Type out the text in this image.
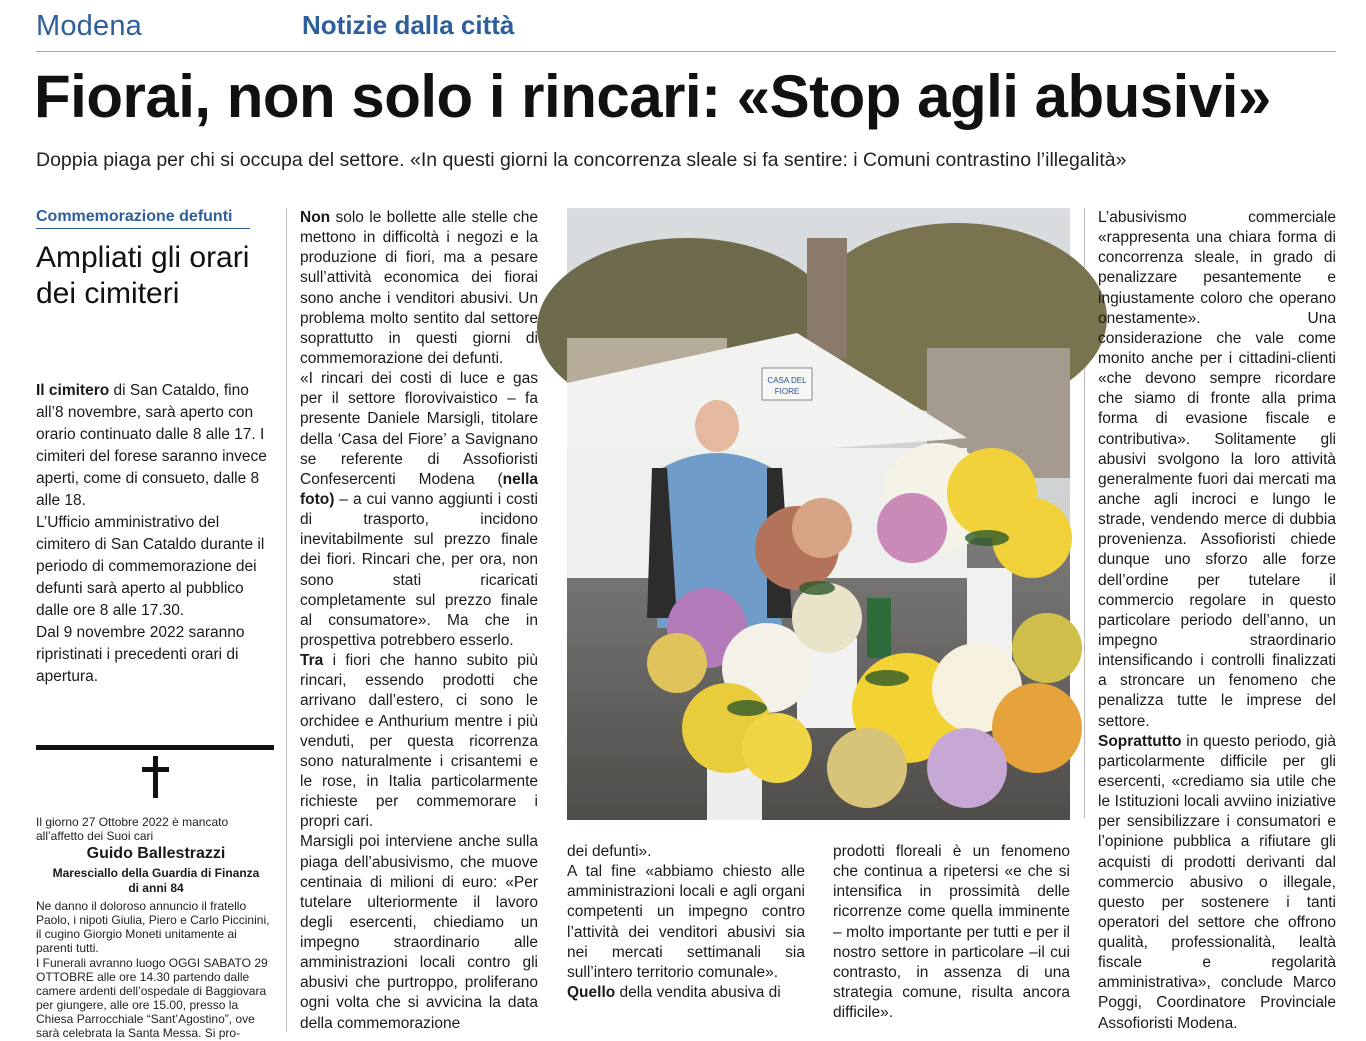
Modena	Notizie dalla città
Fiorai, non solo i rincari: «Stop agli abusivi»
Doppia piaga per chi si occupa del settore. «In questi giorni la concorrenza sleale si fa sentire: i Comuni contrastino l’illegalità»
Commemorazione defunti
Ampliati gli orari dei cimiteri

Il cimitero di San Cataldo, fino all’8 novembre, sarà aperto con orario continuato dalle 8 alle 17. I cimiteri del forese saranno invece aperti, come di consueto, dalle 8 alle 18.

L’Ufficio amministrativo del cimitero di San Cataldo durante il periodo di commemorazione dei defunti sarà aperto al pubblico dalle ore 8 alle 17.30.

Dal 9 novembre 2022 saranno ripristinati i precedenti orari di apertura.

Il giorno 27 Ottobre 2022 è mancato all’affetto dei Suoi cari
Guido Ballestrazzi
Maresciallo della Guardia di Finanza
di anni 84

Ne danno il doloroso annuncio il fratello Paolo, i nipoti Giulia, Piero e Carlo Piccinini, il cugino Giorgio Moneti unitamente ai parenti tutti.

I Funerali avranno luogo OGGI SABATO 29 OTTOBRE alle ore 14.30 partendo dalle camere ardenti dell’ospedale di Baggiovara per giungere, alle ore 15.00, presso la Chiesa Parrocchiale “Sant’Agostino”, ove sarà celebrata la Santa Messa. Si pro-

Non solo le bollette alle stelle che mettono in difficoltà i negozi e la produzione di fiori, ma a pesare sull’attività economica dei fiorai sono anche i venditori abusivi. Un problema molto sentito dal settore soprattutto in questi giorni di commemorazione dei defunti.

«I rincari dei costi di luce e gas per il settore florovivaistico – fa presente Daniele Marsigli, titolare della ‘Casa del Fiore’ a Savignano se referente di Assofioristi Confesercenti Modena (nella foto) – a cui vanno aggiunti i costi di trasporto, incidono inevitabilmente sul prezzo finale dei fiori. Rincari che, per ora, non sono stati ricaricati completamente sul prezzo finale al consumatore». Ma che in prospettiva potrebbero esserlo.

Tra i fiori che hanno subito più rincari, essendo prodotti che arrivano dall’estero, ci sono le orchidee e Anthurium mentre i più venduti, per questa ricorrenza sono naturalmente i crisantemi e le rose, in Italia particolarmente richieste per commemorare i propri cari.

Marsigli poi interviene anche sulla piaga dell’abusivismo, che muove centinaia di milioni di euro: «Per tutelare ulteriormente il lavoro degli esercenti, chiediamo un impegno straordinario alle amministrazioni locali contro gli abusivi che purtroppo, proliferano ogni volta che si avvicina la data della commemorazione

CASA DEL
FIORE

dei defunti».

A tal fine «abbiamo chiesto alle amministrazioni locali e agli organi competenti un impegno contro l’attività dei venditori abusivi sia nei mercati settimanali sia sull’intero territorio comunale».

Quello della vendita abusiva di

prodotti floreali è un fenomeno che continua a ripetersi «e che si intensifica in prossimità delle ricorrenze come quella imminente – molto importante per tutti e per il nostro settore in particolare –il cui contrasto, in assenza di una strategia comune, risulta ancora difficile».

L’abusivismo commerciale «rappresenta una chiara forma di concorrenza sleale, in grado di penalizzare pesantemente e ingiustamente coloro che operano onestamente». Una considerazione che vale come monito anche per i cittadini-clienti «che devono sempre ricordare che siamo di fronte alla prima forma di evasione fiscale e contributiva». Solitamente gli abusivi svolgono la loro attività generalmente fuori dai mercati ma anche agli incroci e lungo le strade, vendendo merce di dubbia provenienza. Assofioristi chiede dunque uno sforzo alle forze dell’ordine per tutelare il commercio regolare in questo particolare periodo dell’anno, un impegno straordinario intensificando i controlli finalizzati a stroncare un fenomeno che penalizza tutte le imprese del settore.

Soprattutto in questo periodo, già particolarmente difficile per gli esercenti, «crediamo sia utile che le Istituzioni locali avviino iniziative per sensibilizzare i consumatori e l’opinione pubblica a rifiutare gli acquisti di prodotti derivanti dal commercio abusivo o illegale, questo per sostenere i tanti operatori del settore che offrono qualità, professionalità, lealtà fiscale e regolarità amministrativa», conclude Marco Poggi, Coordinatore Provinciale Assofioristi Modena.
